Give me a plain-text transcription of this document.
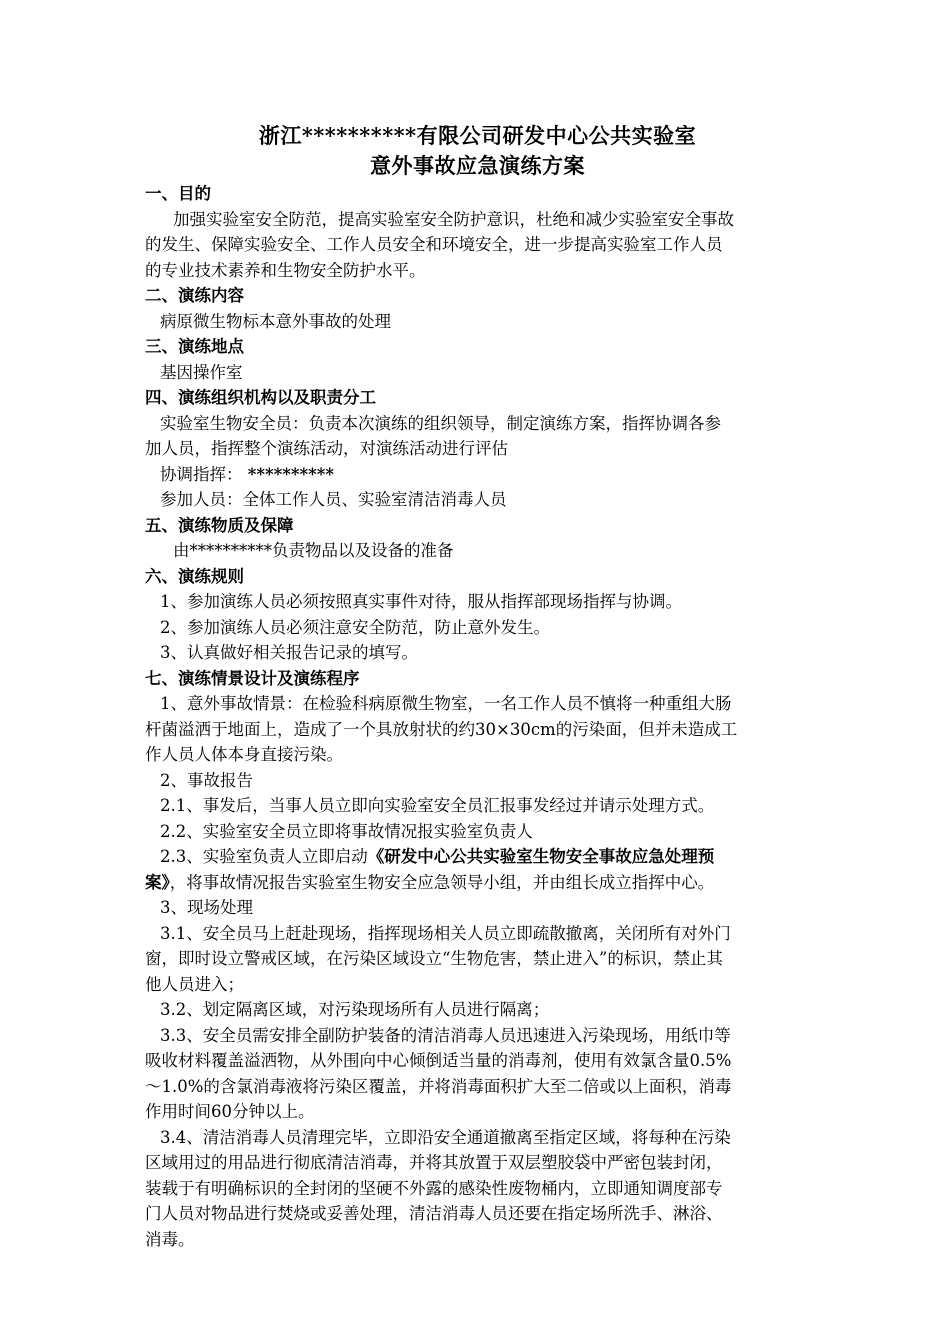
浙江**********有限公司研发中心公共实验室

意外事故应急演练方案

一、目的

加强实验室安全防范，提高实验室安全防护意识，杜绝和减少实验室安全事故

的发生、保障实验安全、工作人员安全和环境安全，进一步提高实验室工作人员

的专业技术素养和生物安全防护水平。

二、演练内容

病原微生物标本意外事故的处理

三、演练地点

基因操作室

四、演练组织机构以及职责分工

实验室生物安全员：负责本次演练的组织领导，制定演练方案，指挥协调各参

加人员，指挥整个演练活动，对演练活动进行评估

协调指挥： **********

参加人员：全体工作人员、实验室清洁消毒人员

五、演练物质及保障

由**********负责物品以及设备的准备

六、演练规则

1、参加演练人员必须按照真实事件对待，服从指挥部现场指挥与协调。

2、参加演练人员必须注意安全防范，防止意外发生。

3、认真做好相关报告记录的填写。

七、演练情景设计及演练程序

1、意外事故情景：在检验科病原微生物室，一名工作人员不慎将一种重组大肠

杆菌溢洒于地面上，造成了一个具放射状的约30×30cm的污染面，但并未造成工

作人员人体本身直接污染。

2、事故报告

2.1、事发后，当事人员立即向实验室安全员汇报事发经过并请示处理方式。

2.2、实验室安全员立即将事故情况报实验室负责人

2.3、实验室负责人立即启动《研发中心公共实验室生物安全事故应急处理预

案》，将事故情况报告实验室生物安全应急领导小组，并由组长成立指挥中心。

3、现场处理

3.1、安全员马上赶赴现场，指挥现场相关人员立即疏散撤离，关闭所有对外门

窗，即时设立警戒区域，在污染区域设立“生物危害，禁止进入”的标识，禁止其

他人员进入；

3.2、划定隔离区域，对污染现场所有人员进行隔离；

3.3、安全员需安排全副防护装备的清洁消毒人员迅速进入污染现场，用纸巾等

吸收材料覆盖溢洒物，从外围向中心倾倒适当量的消毒剂，使用有效氯含量0.5%

～1.0%的含氯消毒液将污染区覆盖，并将消毒面积扩大至二倍或以上面积，消毒

作用时间60分钟以上。

3.4、清洁消毒人员清理完毕，立即沿安全通道撤离至指定区域，将每种在污染

区域用过的用品进行彻底清洁消毒，并将其放置于双层塑胶袋中严密包装封闭，

装载于有明确标识的全封闭的坚硬不外露的感染性废物桶内，立即通知调度部专

门人员对物品进行焚烧或妥善处理，清洁消毒人员还要在指定场所洗手、淋浴、

消毒。
